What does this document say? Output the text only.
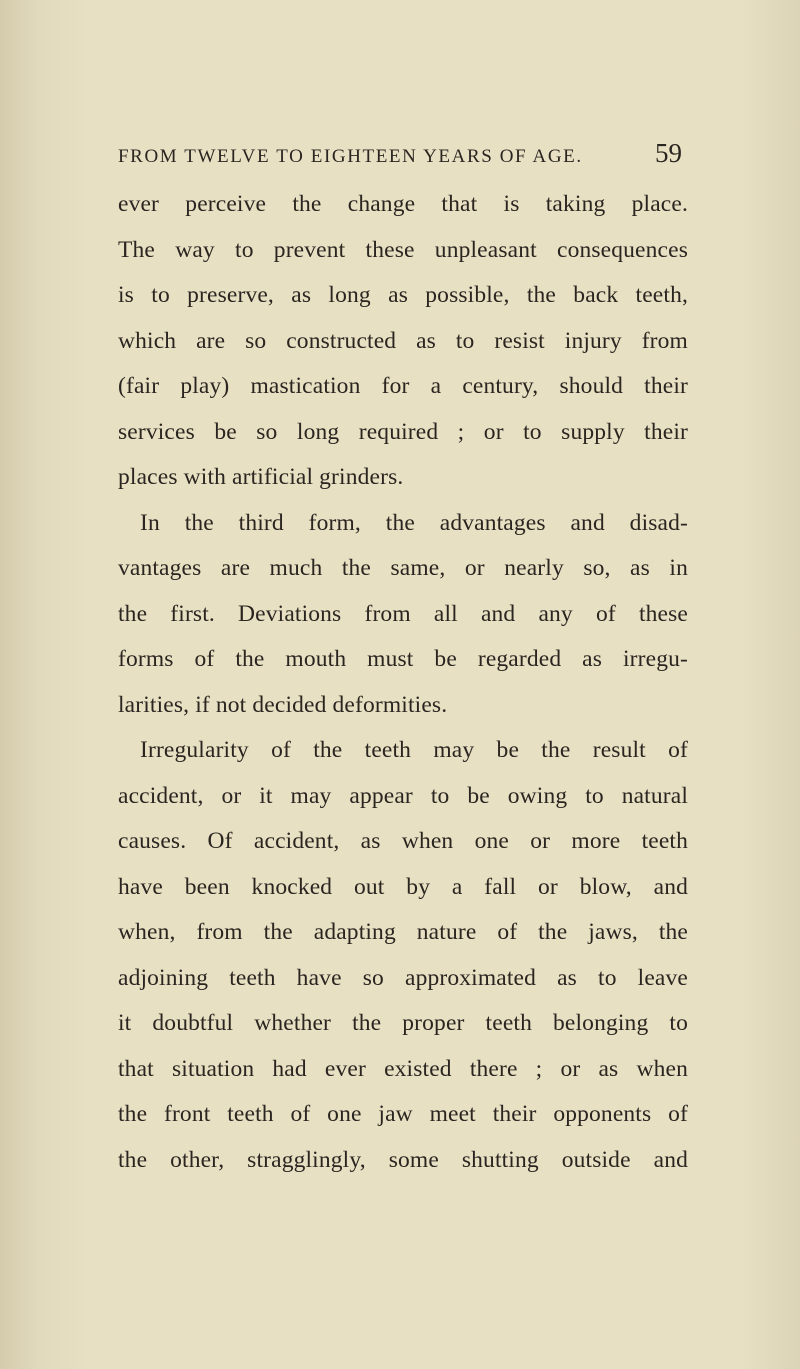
FROM TWELVE TO EIGHTEEN YEARS OF AGE.	59
ever perceive the change that is taking place.
The way to prevent these unpleasant consequences
is to preserve, as long as possible, the back teeth,
which are so constructed as to resist injury from
(fair play) mastication for a century, should their
services be so long required ; or to supply their
places with artificial grinders.
In the third form, the advantages and disad-
vantages are much the same, or nearly so, as in
the first. Deviations from all and any of these
forms of the mouth must be regarded as irregu-
larities, if not decided deformities.
Irregularity of the teeth may be the result of
accident, or it may appear to be owing to natural
causes. Of accident, as when one or more teeth
have been knocked out by a fall or blow, and
when, from the adapting nature of the jaws, the
adjoining teeth have so approximated as to leave
it doubtful whether the proper teeth belonging to
that situation had ever existed there ; or as when
the front teeth of one jaw meet their opponents of
the other, stragglingly, some shutting outside and
